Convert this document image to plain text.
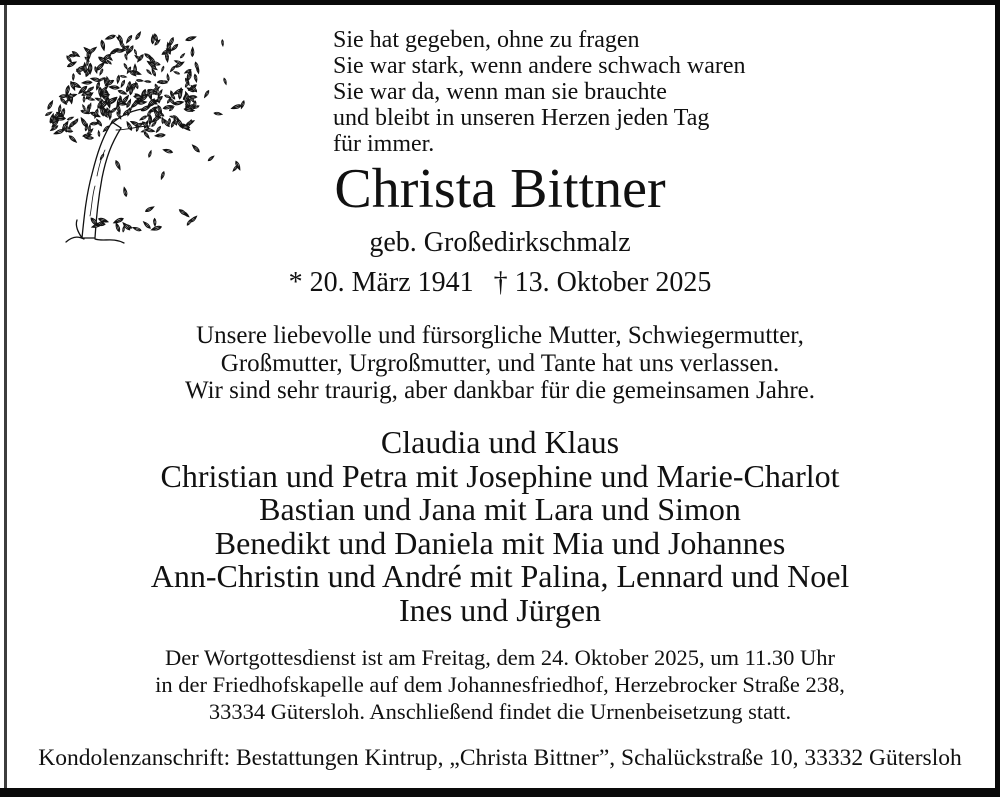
Sie hat gegeben, ohne zu fragen
Sie war stark, wenn andere schwach waren
Sie war da, wenn man sie brauchte
und bleibt in unseren Herzen jeden Tag
für immer.
Christa Bittner
geb. Großedirkschmalz
* 20. März 1941 † 13. Oktober 2025
Unsere liebevolle und fürsorgliche Mutter, Schwiegermutter,
Großmutter, Urgroßmutter, und Tante hat uns verlassen.
Wir sind sehr traurig, aber dankbar für die gemeinsamen Jahre.
Claudia und Klaus
Christian und Petra mit Josephine und Marie-Charlot
Bastian und Jana mit Lara und Simon
Benedikt und Daniela mit Mia und Johannes
Ann-Christin und André mit Palina, Lennard und Noel
Ines und Jürgen
Der Wortgottesdienst ist am Freitag, dem 24. Oktober 2025, um 11.30 Uhr
in der Friedhofskapelle auf dem Johannesfriedhof, Herzebrocker Straße 238,
33334 Gütersloh. Anschließend findet die Urnenbeisetzung statt.
Kondolenzanschrift: Bestattungen Kintrup, „Christa Bittner”, Schalückstraße 10, 33332 Gütersloh
